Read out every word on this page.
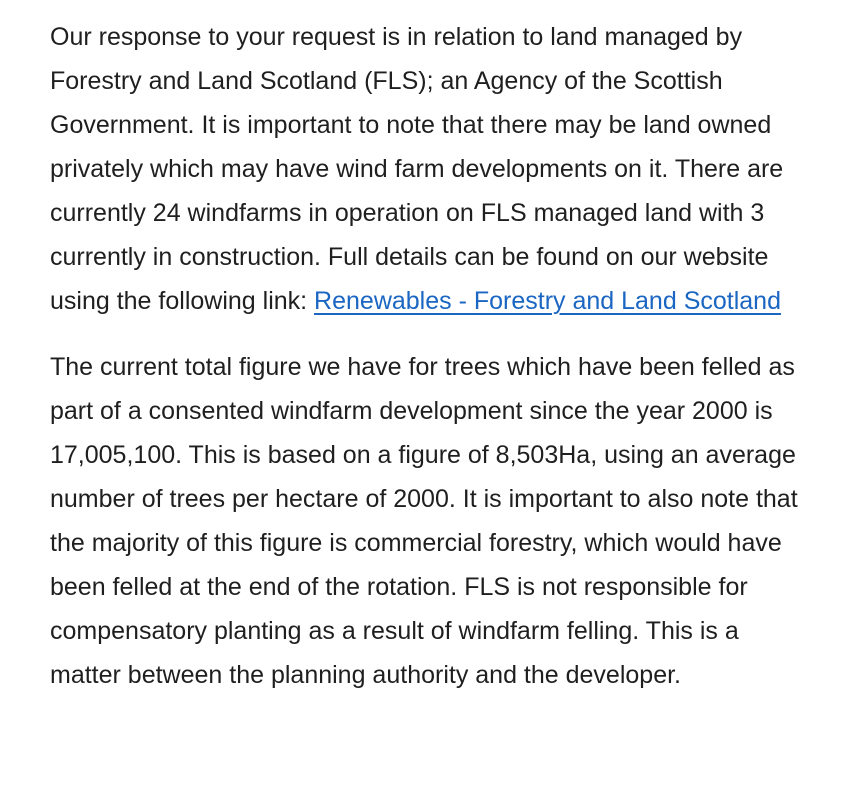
Our response to your request is in relation to land managed by Forestry and Land Scotland (FLS); an Agency of the Scottish Government. It is important to note that there may be land owned privately which may have wind farm developments on it. There are currently 24 windfarms in operation on FLS managed land with 3 currently in construction. Full details can be found on our website using the following link: Renewables - Forestry and Land Scotland

The current total figure we have for trees which have been felled as part of a consented windfarm development since the year 2000 is 17,005,100. This is based on a figure of 8,503Ha, using an average number of trees per hectare of 2000. It is important to also note that the majority of this figure is commercial forestry, which would have been felled at the end of the rotation. FLS is not responsible for compensatory planting as a result of windfarm felling. This is a matter between the planning authority and the developer.
